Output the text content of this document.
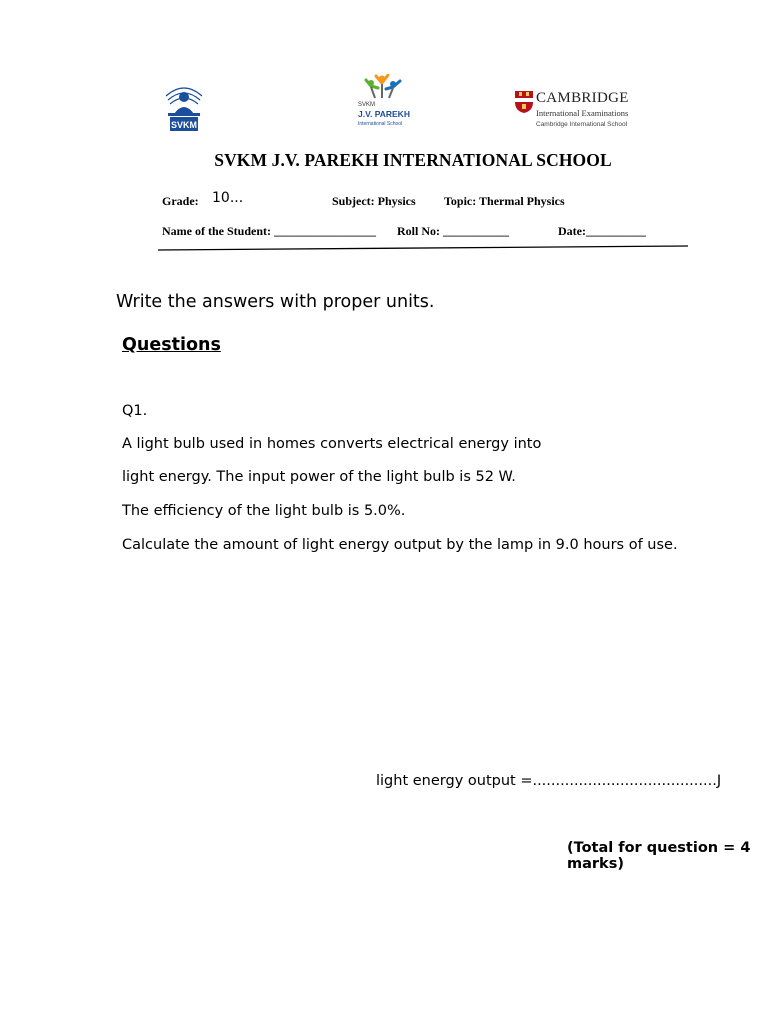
SVKM
SVKM
J.V. PAREKH
International School
CAMBRIDGE
International Examinations
Cambridge International School
SVKM J.V. PAREKH INTERNATIONAL SCHOOL
Grade: 10...	Subject: Physics Topic: Thermal Physics
Name of the Student: _________________ Roll No: ___________	Date:__________
Write the answers with proper units.
Questions
Q1.
A light bulb used in homes converts electrical energy into
light energy. The input power of the light bulb is 52 W.
The efficiency of the light bulb is 5.0%.
Calculate the amount of light energy output by the lamp in 9.0 hours of use.
light energy output =........................................J
(Total for question = 4 marks)
